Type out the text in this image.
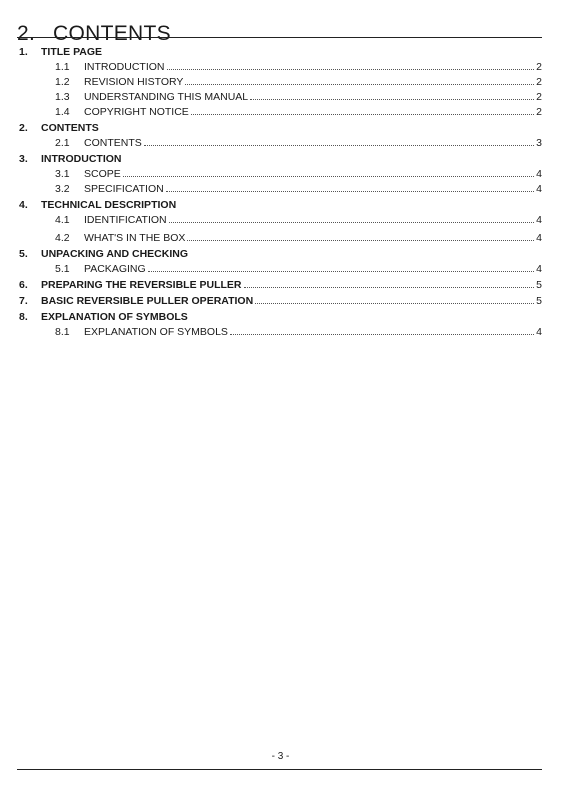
2. CONTENTS
1.	TITLE PAGE
1.1	INTRODUCTION	2
1.2	REVISION HISTORY	2
1.3	UNDERSTANDING THIS MANUAL	2
1.4	COPYRIGHT NOTICE	2
2.	CONTENTS
2.1	CONTENTS	3
3.	INTRODUCTION
3.1	SCOPE	4
3.2	SPECIFICATION	4
4.	TECHNICAL DESCRIPTION
4.1	IDENTIFICATION	4
4.2	WHAT'S IN THE BOX	4
5.	UNPACKING AND CHECKING
5.1	PACKAGING	4
6.	PREPARING THE REVERSIBLE PULLER	5
7.	BASIC REVERSIBLE PULLER OPERATION	5
8.	EXPLANATION OF SYMBOLS
8.1	EXPLANATION OF SYMBOLS	4
- 3 -
